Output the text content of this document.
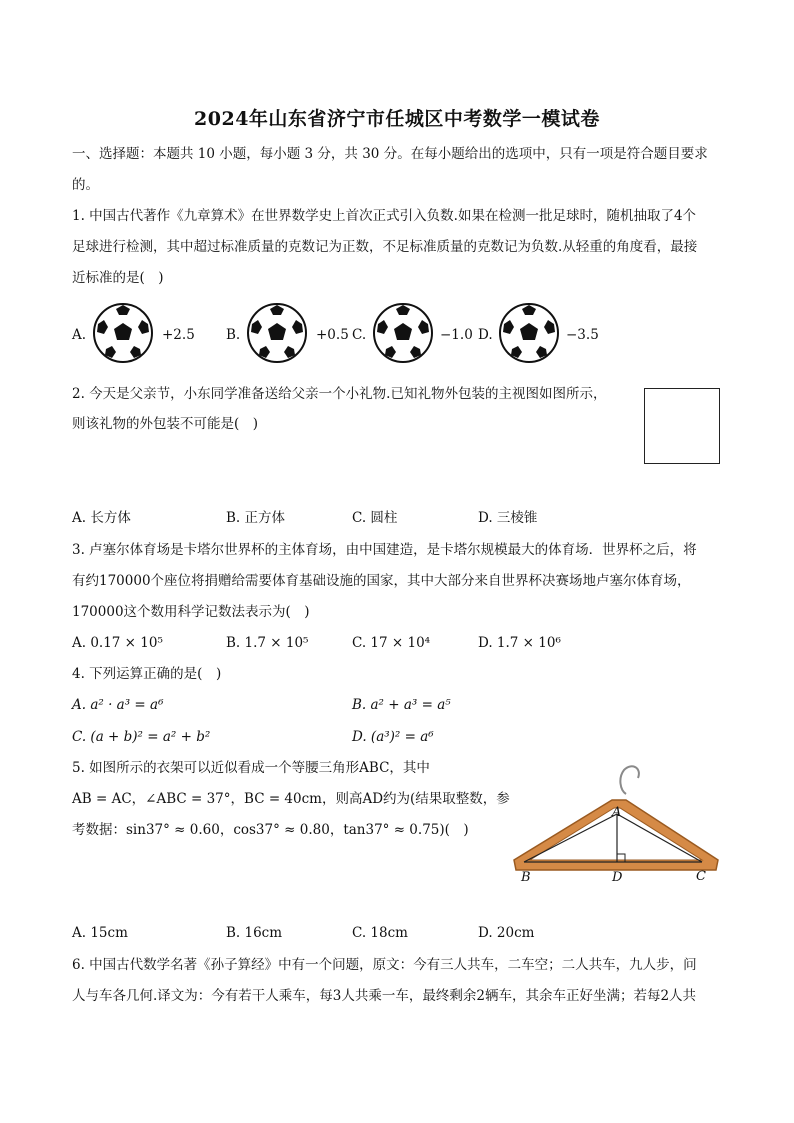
2024年山东省济宁市任城区中考数学一模试卷
一、选择题：本题共 10 小题，每小题 3 分，共 30 分。在每小题给出的选项中，只有一项是符合题目要求
的。
1. 中国古代著作《九章算术》在世界数学史上首次正式引入负数.如果在检测一批足球时，随机抽取了4个
足球进行检测，其中超过标准质量的克数记为正数，不足标准质量的克数记为负数.从轻重的角度看，最接
近标准的是(　)
A.	+2.5 B.	+0.5 C.	−1.0 D.	−3.5
2. 今天是父亲节，小东同学准备送给父亲一个小礼物.已知礼物外包装的主视图如图所示，
则该礼物的外包装不可能是(　)
A. 长方体	B. 正方体	C. 圆柱	D. 三棱锥
3. 卢塞尔体育场是卡塔尔世界杯的主体育场，由中国建造，是卡塔尔规模最大的体育场．世界杯之后，将
有约170000个座位将捐赠给需要体育基础设施的国家，其中大部分来自世界杯决赛场地卢塞尔体育场，
170000这个数用科学记数法表示为(　)
A. 0.17 × 10⁵	B. 1.7 × 10⁵	C. 17 × 10⁴	D. 1.7 × 10⁶
4. 下列运算正确的是(　)
A. a² · a³ = a⁶	B. a² + a³ = a⁵
C. (a + b)² = a² + b²	D. (a³)² = a⁶
5. 如图所示的衣架可以近似看成一个等腰三角形ABC，其中
AB = AC，∠ABC = 37°，BC = 40cm，则高AD约为(结果取整数，参
考数据：sin37° ≈ 0.60，cos37° ≈ 0.80，tan37° ≈ 0.75)(　)
A
B	D	C
A. 15cm	B. 16cm	C. 18cm	D. 20cm
6. 中国古代数学名著《孙子算经》中有一个问题，原文：今有三人共车，二车空；二人共车，九人步，问
人与车各几何.译文为：今有若干人乘车，每3人共乘一车，最终剩余2辆车，其余车正好坐满；若每2人共
